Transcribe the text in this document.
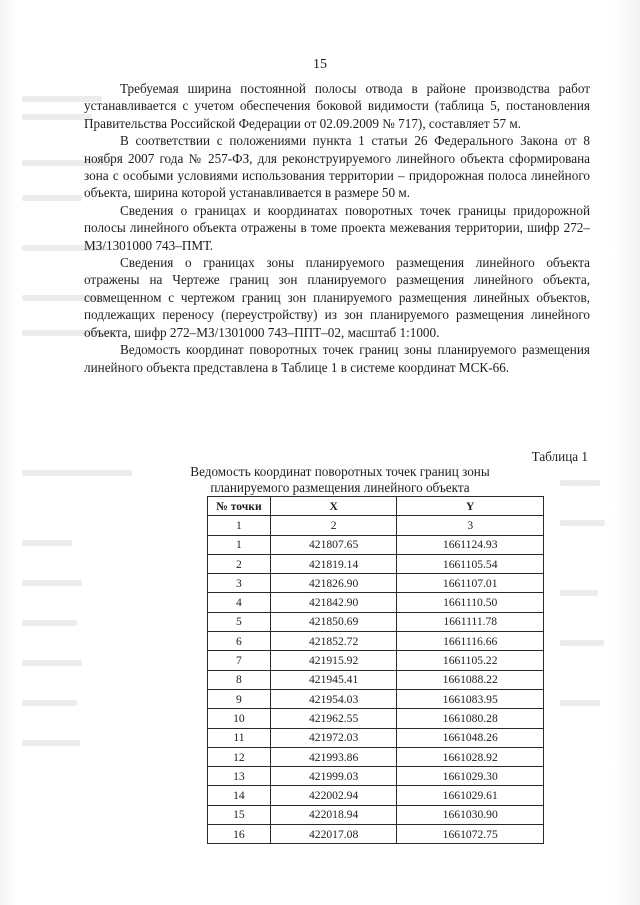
15

Требуемая ширина постоянной полосы отвода в районе производства работ устанавливается с учетом обеспечения боковой видимости (таблица 5, постановления Правительства Российской Федерации от 02.09.2009 № 717), составляет 57 м.

В соответствии с положениями пункта 1 статьи 26 Федерального Закона от 8 ноября 2007 года № 257-ФЗ, для реконструируемого линейного объекта сформирована зона с особыми условиями использования территории – придорожная полоса линейного объекта, ширина которой устанавливается в размере 50 м.

Сведения о границах и координатах поворотных точек границы придорожной полосы линейного объекта отражены в томе проекта межевания территории, шифр 272–МЗ/1301000 743–ПМТ.

Сведения о границах зоны планируемого размещения линейного объекта отражены на Чертеже границ зон планируемого размещения линейного объекта, совмещенном с чертежом границ зон планируемого размещения линейных объектов, подлежащих переносу (переустройству) из зон планируемого размещения линейного объекта, шифр 272–МЗ/1301000 743–ППТ–02, масштаб 1:1000.

Ведомость координат поворотных точек границ зоны планируемого размещения линейного объекта представлена в Таблице 1 в системе координат МСК-66.

Таблица 1
Ведомость координат поворотных точек границ зоны
планируемого размещения линейного объекта
№ точки	X	Y
1	2	3
1	421807.65	1661124.93
2	421819.14	1661105.54
3	421826.90	1661107.01
4	421842.90	1661110.50
5	421850.69	1661111.78
6	421852.72	1661116.66
7	421915.92	1661105.22
8	421945.41	1661088.22
9	421954.03	1661083.95
10	421962.55	1661080.28
11	421972.03	1661048.26
12	421993.86	1661028.92
13	421999.03	1661029.30
14	422002.94	1661029.61
15	422018.94	1661030.90
16	422017.08	1661072.75
